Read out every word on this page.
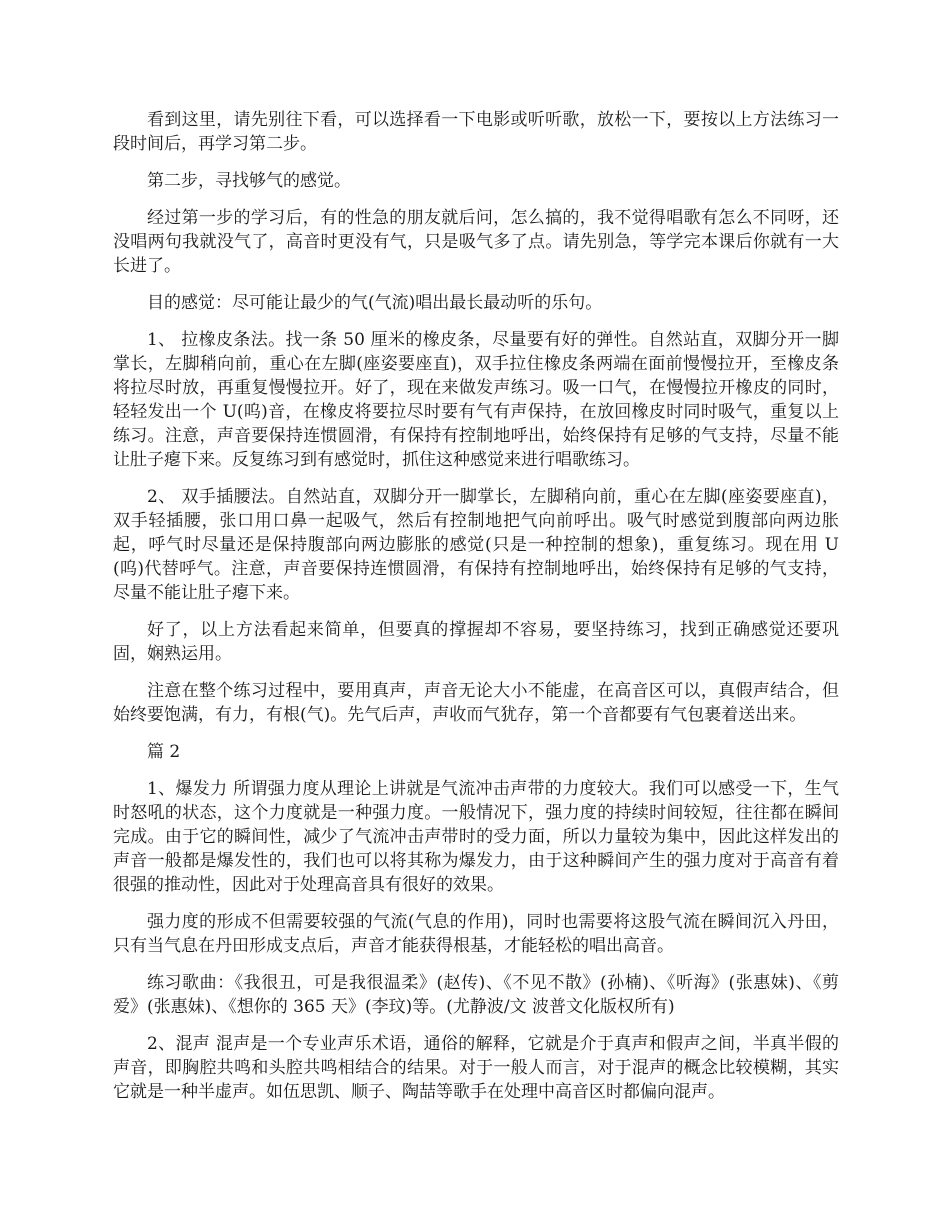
看到这里，请先别往下看，可以选择看一下电影或听听歌，放松一下，要按以上方法练习一段时间后，再学习第二步。

第二步，寻找够气的感觉。

经过第一步的学习后，有的性急的朋友就后问，怎么搞的，我不觉得唱歌有怎么不同呀，还没唱两句我就没气了，高音时更没有气，只是吸气多了点。请先别急，等学完本课后你就有一大长进了。

目的感觉：尽可能让最少的气(气流)唱出最长最动听的乐句。

1、 拉橡皮条法。找一条 50 厘米的橡皮条，尽量要有好的弹性。自然站直，双脚分开一脚掌长，左脚稍向前，重心在左脚(座姿要座直)，双手拉住橡皮条两端在面前慢慢拉开，至橡皮条将拉尽时放，再重复慢慢拉开。好了，现在来做发声练习。吸一口气，在慢慢拉开橡皮的同时，轻轻发出一个 U(呜)音，在橡皮将要拉尽时要有气有声保持，在放回橡皮时同时吸气，重复以上练习。注意，声音要保持连惯圆滑，有保持有控制地呼出，始终保持有足够的气支持，尽量不能让肚子瘪下来。反复练习到有感觉时，抓住这种感觉来进行唱歌练习。

2、 双手插腰法。自然站直，双脚分开一脚掌长，左脚稍向前，重心在左脚(座姿要座直)，双手轻插腰，张口用口鼻一起吸气，然后有控制地把气向前呼出。吸气时感觉到腹部向两边胀起，呼气时尽量还是保持腹部向两边膨胀的感觉(只是一种控制的想象)，重复练习。现在用 U(呜)代替呼气。注意，声音要保持连惯圆滑，有保持有控制地呼出，始终保持有足够的气支持，尽量不能让肚子瘪下来。

好了，以上方法看起来简单，但要真的撑握却不容易，要坚持练习，找到正确感觉还要巩固，娴熟运用。

注意在整个练习过程中，要用真声，声音无论大小不能虚，在高音区可以，真假声结合，但始终要饱满，有力，有根(气)。先气后声，声收而气犹存，第一个音都要有气包裹着送出来。

篇 2

1、爆发力 所谓强力度从理论上讲就是气流冲击声带的力度较大。我们可以感受一下，生气时怒吼的状态，这个力度就是一种强力度。一般情况下，强力度的持续时间较短，往往都在瞬间完成。由于它的瞬间性，减少了气流冲击声带时的受力面，所以力量较为集中，因此这样发出的声音一般都是爆发性的，我们也可以将其称为爆发力，由于这种瞬间产生的强力度对于高音有着很强的推动性，因此对于处理高音具有很好的效果。

强力度的形成不但需要较强的气流(气息的作用)，同时也需要将这股气流在瞬间沉入丹田，只有当气息在丹田形成支点后，声音才能获得根基，才能轻松的唱出高音。

练习歌曲：《我很丑，可是我很温柔》(赵传)、《不见不散》(孙楠)、《听海》(张惠妹)、《剪爱》(张惠妹)、《想你的 365 天》(李玟)等。(尤静波/文 波普文化版权所有)

2、混声 混声是一个专业声乐术语，通俗的解释，它就是介于真声和假声之间，半真半假的声音，即胸腔共鸣和头腔共鸣相结合的结果。对于一般人而言，对于混声的概念比较模糊，其实它就是一种半虚声。如伍思凯、顺子、陶喆等歌手在处理中高音区时都偏向混声。
